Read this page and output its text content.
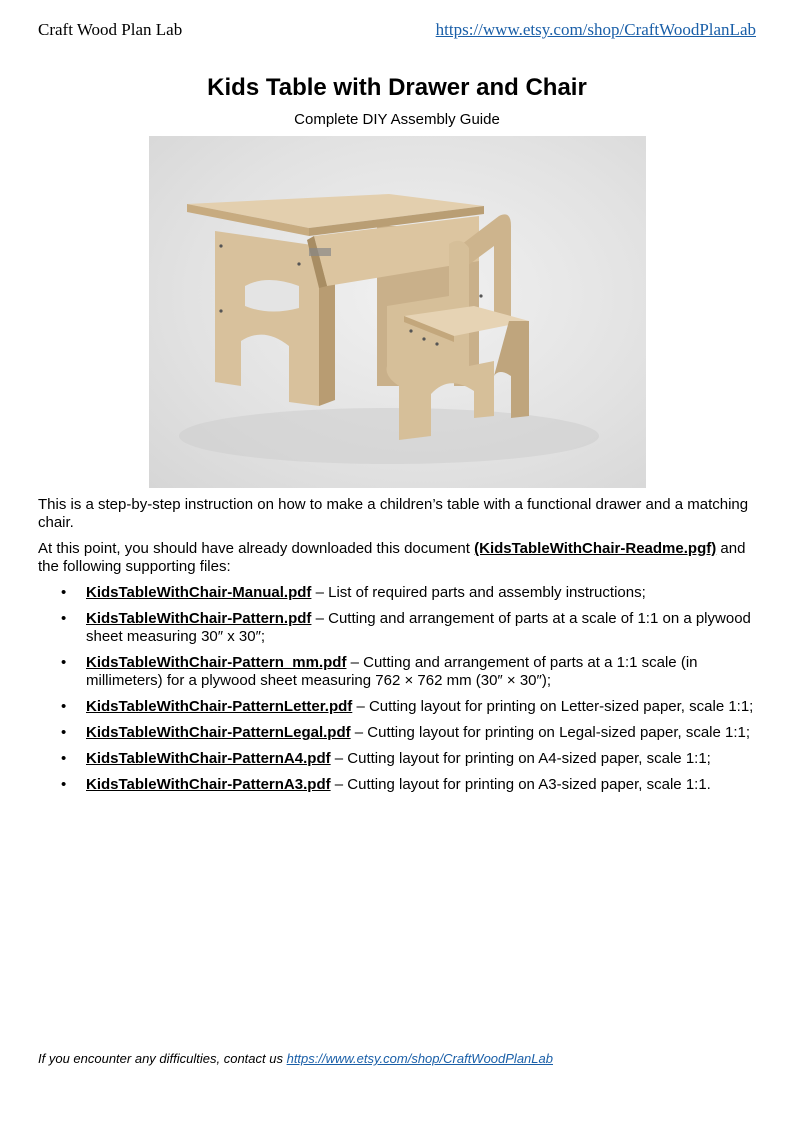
Craft Wood Plan Lab	https://www.etsy.com/shop/CraftWoodPlanLab
Kids Table with Drawer and Chair
Complete DIY Assembly Guide

This is a step-by-step instruction on how to make a children’s table with a functional drawer and a matching chair.

At this point, you should have already downloaded this document (KidsTableWithChair-Readme.pgf) and the following supporting files:

• KidsTableWithChair-Manual.pdf – List of required parts and assembly instructions;
• KidsTableWithChair-Pattern.pdf – Cutting and arrangement of parts at a scale of 1:1 on a plywood sheet measuring 30″ x 30″;
• KidsTableWithChair-Pattern_mm.pdf – Cutting and arrangement of parts at a 1:1 scale (in millimeters) for a plywood sheet measuring 762 × 762 mm (30″ × 30″);
• KidsTableWithChair-PatternLetter.pdf – Cutting layout for printing on Letter-sized paper, scale 1:1;
• KidsTableWithChair-PatternLegal.pdf – Cutting layout for printing on Legal-sized paper, scale 1:1;
• KidsTableWithChair-PatternA4.pdf – Cutting layout for printing on A4-sized paper, scale 1:1;
• KidsTableWithChair-PatternA3.pdf – Cutting layout for printing on A3-sized paper, scale 1:1.
If you encounter any difficulties, contact us https://www.etsy.com/shop/CraftWoodPlanLab
